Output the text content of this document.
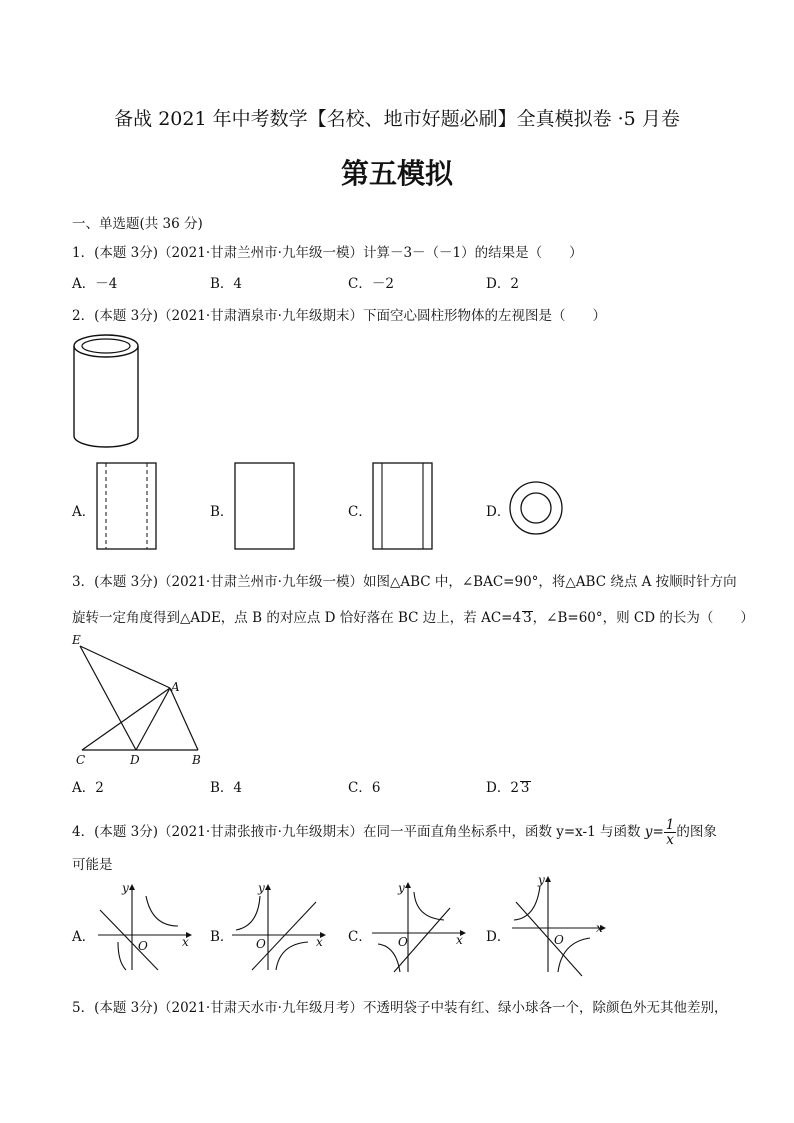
备战 2021 年中考数学【名校、地市好题必刷】全真模拟卷 ·5 月卷
第五模拟
一、单选题(共 36 分)
1．(本题 3分)（2021·甘肃兰州市·九年级一模）计算－3－（－1）的结果是（　　）
A．－4	B．4	C．－2	D．2
2．(本题 3分)（2021·甘肃酒泉市·九年级期末）下面空心圆柱形物体的左视图是（　　）
A．	B．	C．	D．
3．(本题 3分)（2021·甘肃兰州市·九年级一模）如图△ABC 中，∠BAC=90°，将△ABC 绕点 A 按顺时针方向
旋转一定角度得到△ADE，点 B 的对应点 D 恰好落在 BC 边上，若 AC=4 3，∠B=60°，则 CD 的长为（　　）
E
A
C	D	B
A．2	B．4	C．6	D．2 3
4．(本题 3分)（2021·甘肃张掖市·九年级期末）在同一平面直角坐标系中，函数 y=x-1 与函数 $y= \frac{1}{x}$ 的图象
可能是
A．
y
x
O
B．
y
x
O	C．
y
x
O	D．
y
x
O
5．(本题 3分)（2021·甘肃天水市·九年级月考）不透明袋子中装有红、绿小球各一个，除颜色外无其他差别，
